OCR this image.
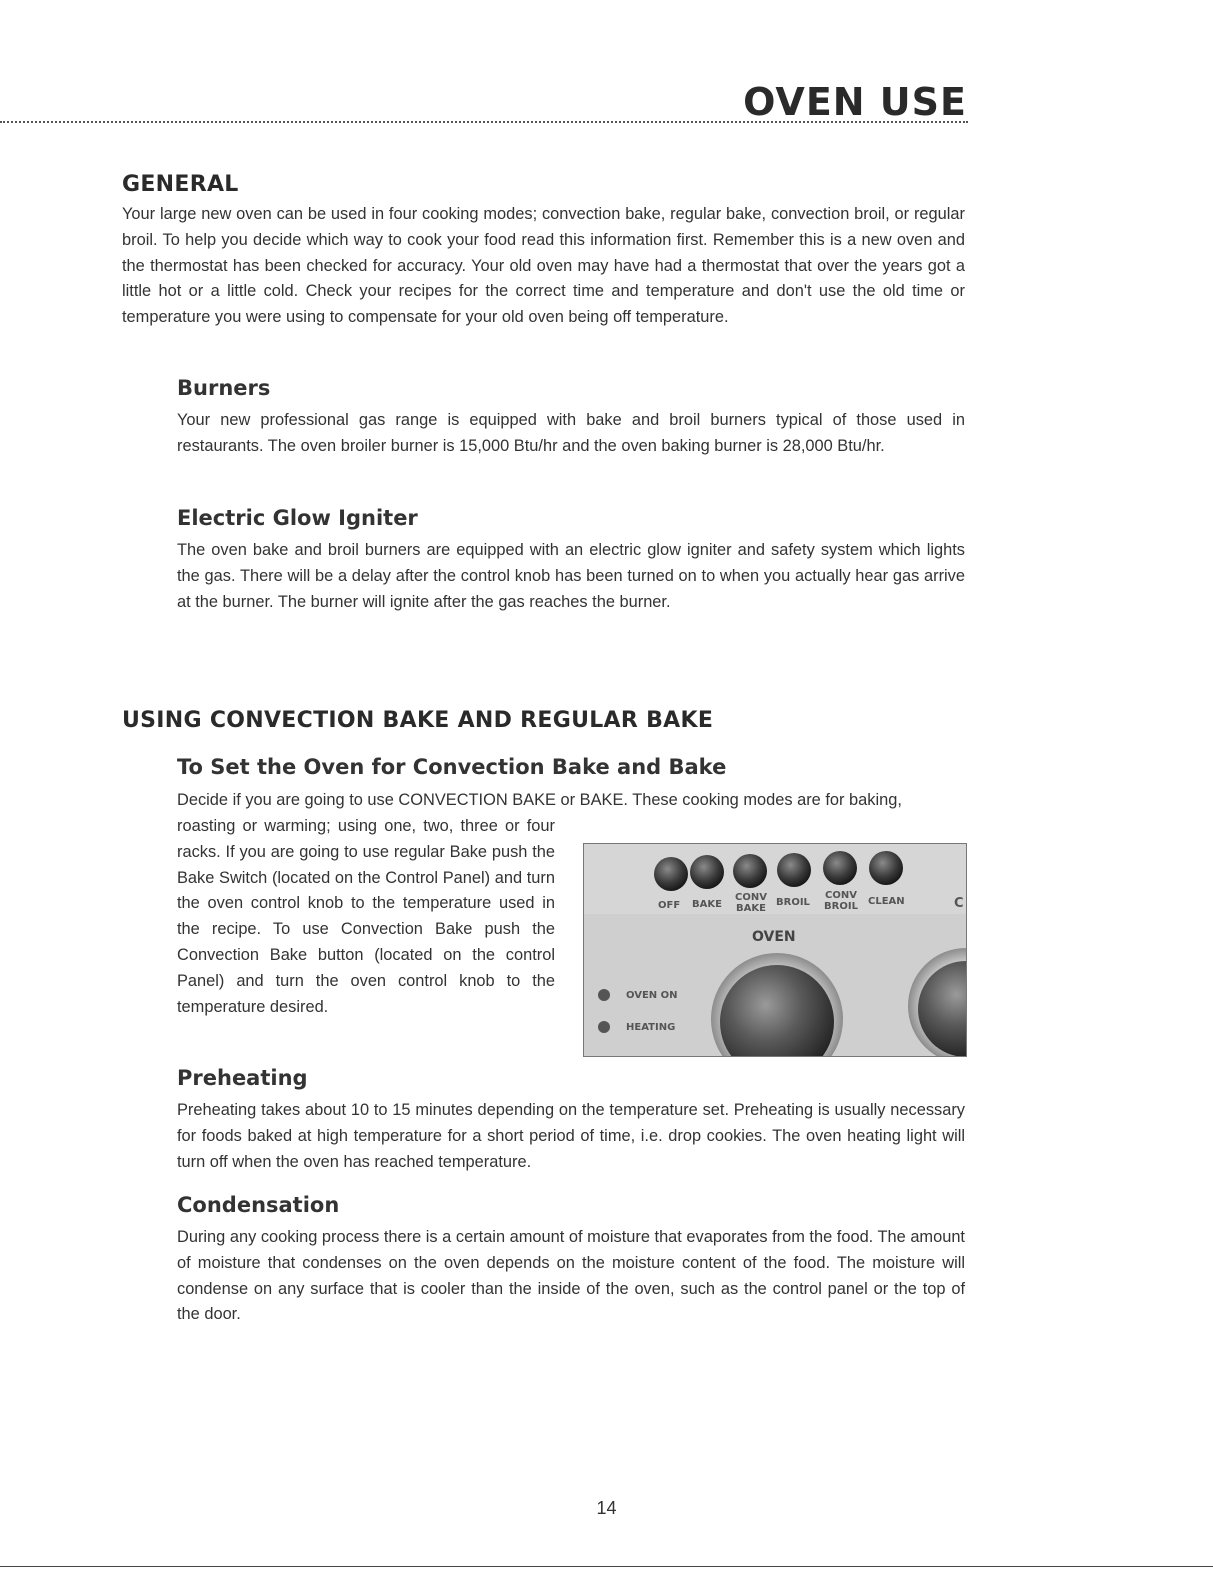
OVEN USE
GENERAL

Your large new oven can be used in four cooking modes; convection bake, regular bake, convection broil, or regular broil. To help you decide which way to cook your food read this information first. Remember this is a new oven and the thermostat has been checked for accuracy. Your old oven may have had a thermostat that over the years got a little hot or a little cold. Check your recipes for the correct time and temperature and don't use the old time or temperature you were using to compensate for your old oven being off temperature.

Burners

Your new professional gas range is equipped with bake and broil burners typical of those used in restaurants. The oven broiler burner is 15,000 Btu/hr and the oven baking burner is 28,000 Btu/hr.

Electric Glow Igniter

The oven bake and broil burners are equipped with an electric glow igniter and safety system which lights the gas. There will be a delay after the control knob has been turned on to when you actually hear gas arrive at the burner. The burner will ignite after the gas reaches the burner.

USING CONVECTION BAKE AND REGULAR BAKE
To Set the Oven for Convection Bake and Bake

Decide if you are going to use CONVECTION BAKE or BAKE. These cooking modes are for baking,

roasting or warming; using one, two, three or four racks. If you are going to use regular Bake push the Bake Switch (located on the Control Panel) and turn the oven control knob to the temperature used in the recipe. To use Convection Bake push the Convection Bake button (located on the control Panel) and turn the oven control knob to the temperature desired.

OFF BAKE
CONV BAKE
BROIL
CONV BROIL CLEAN	C
OVEN
OVEN ON
HEATING
Preheating

Preheating takes about 10 to 15 minutes depending on the temperature set. Preheating is usually necessary for foods baked at high temperature for a short period of time, i.e. drop cookies. The oven heating light will turn off when the oven has reached temperature.

Condensation

During any cooking process there is a certain amount of moisture that evaporates from the food. The amount of moisture that condenses on the oven depends on the moisture content of the food. The moisture will condense on any surface that is cooler than the inside of the oven, such as the control panel or the top of the door.

14
